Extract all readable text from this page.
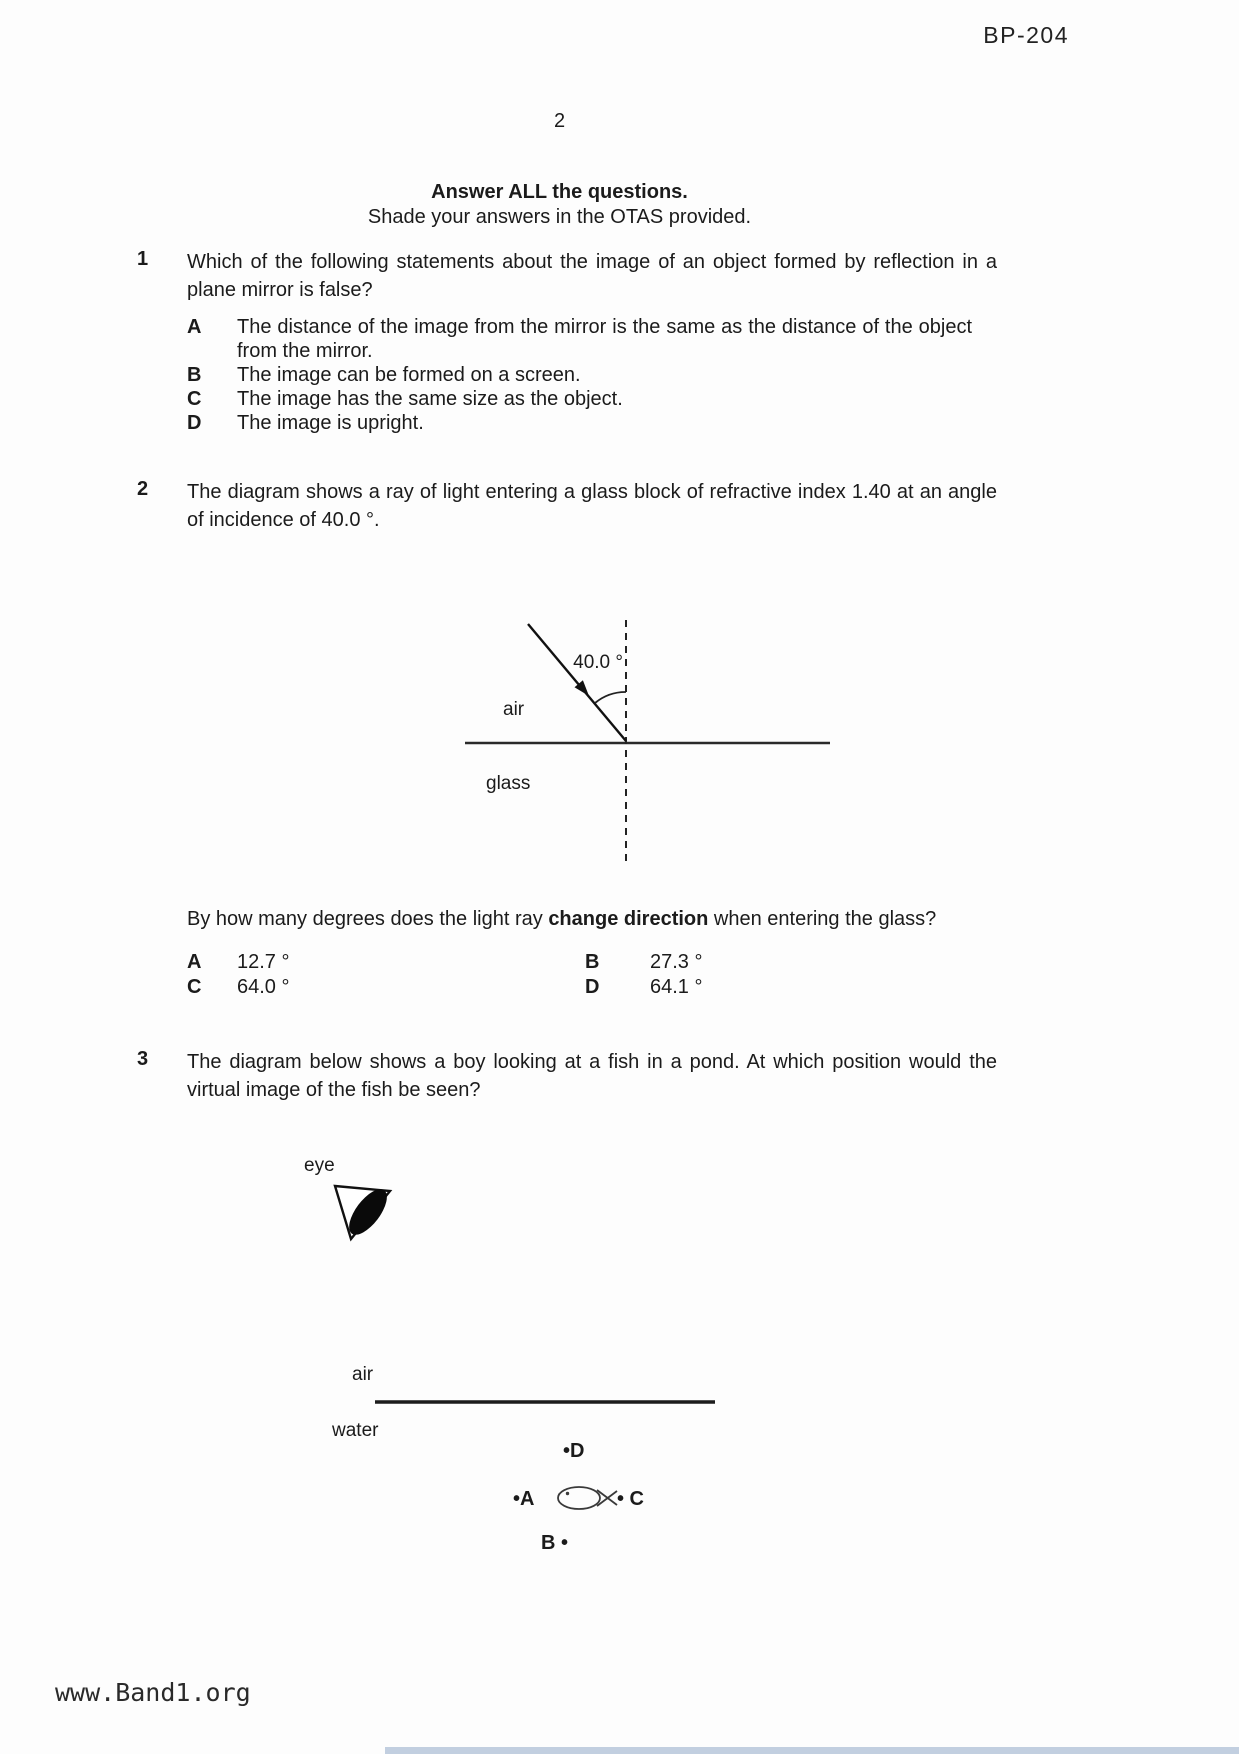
BP-204
2
Answer ALL the questions.
Shade your answers in the OTAS provided.
1 Which of the following statements about the image of an object formed by reflection in a
plane mirror is false?
A	The distance of the image from the mirror is the same as the distance of the object
from the mirror.
B	The image can be formed on a screen.
C	The image has the same size as the object.
D	The image is upright.
2 The diagram shows a ray of light entering a glass block of refractive index 1.40 at an angle
of incidence of 40.0 °.
40.0 °
air
glass
By how many degrees does the light ray change direction when entering the glass?
A	12.7 °	B	27.3 °
C	64.0 °	D	64.1 °
3 The diagram below shows a boy looking at a fish in a pond. At which position would the
virtual image of the fish be seen?
eye
air
water
•D
•A	• C
B •
www.Band1.org
